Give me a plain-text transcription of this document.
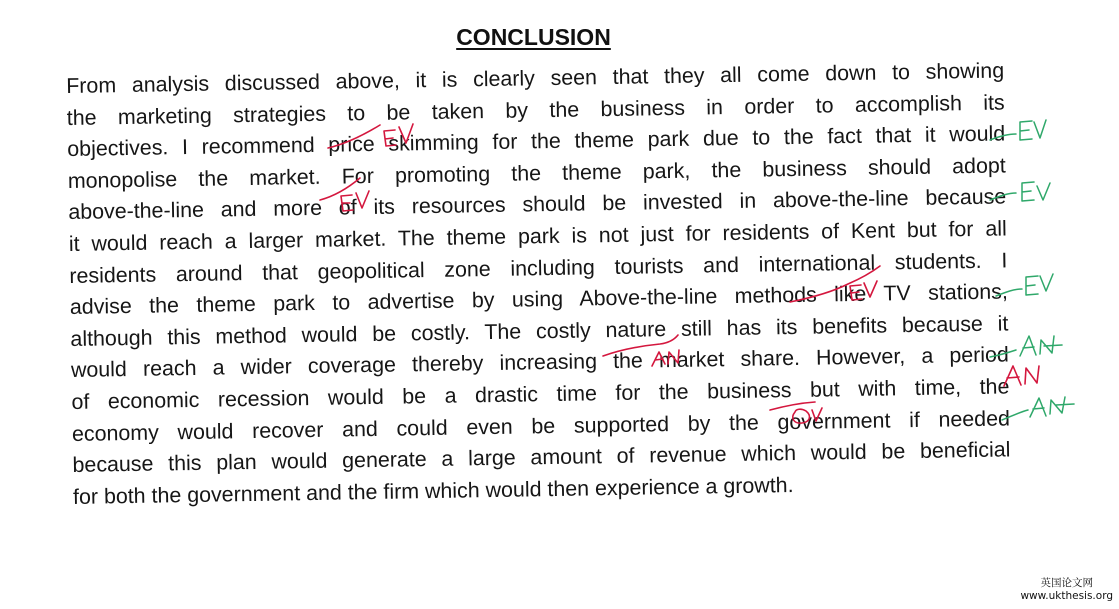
CONCLUSION
From analysis discussed above, it is clearly seen that they all come down to showing
the marketing strategies to be taken by the business in order to accomplish its
objectives. I recommend price skimming for the theme park due to the fact that it would
monopolise the market. For promoting the theme park, the business should adopt
above-the-line and more of its resources should be invested in above-the-line because
it would reach a larger market. The theme park is not just for residents of Kent but for all
residents around that geopolitical zone including tourists and international students. I
advise the theme park to advertise by using Above-the-line methods like TV stations,
although this method would be costly. The costly nature still has its benefits because it
would reach a wider coverage thereby increasing the market share. However, a period
of economic recession would be a drastic time for the business but with time, the
economy would recover and could even be supported by the government if needed
because this plan would generate a large amount of revenue which would be beneficial
for both the government and the firm which would then experience a growth.
英国论文网
www.ukthesis.org
